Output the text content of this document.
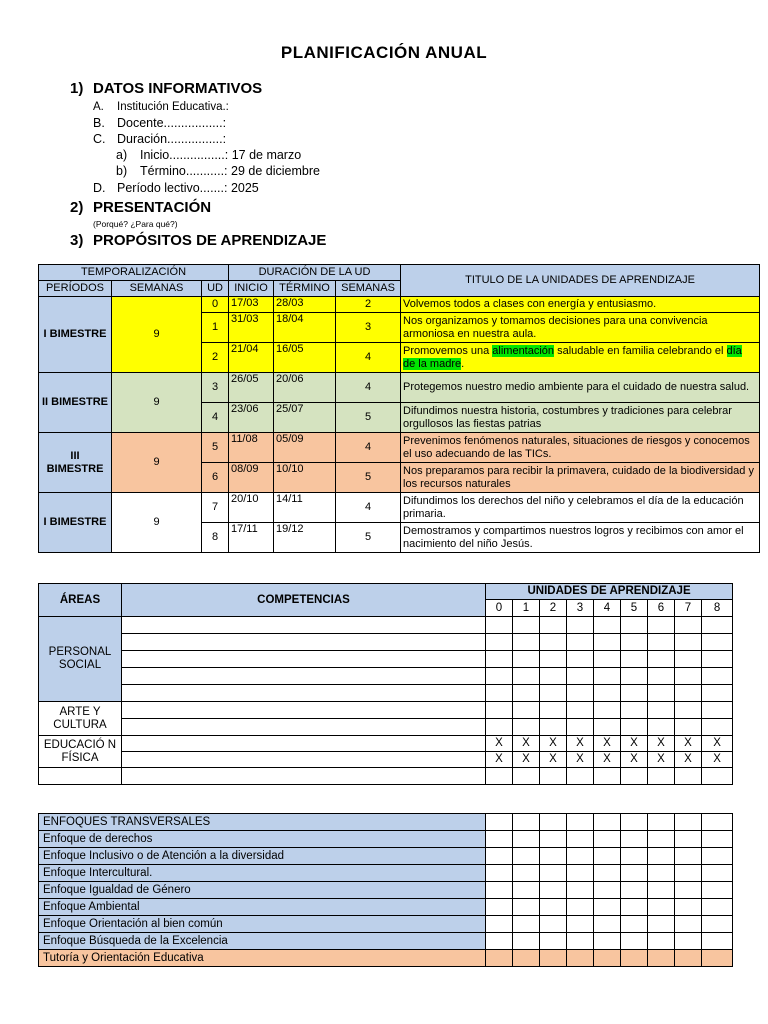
PLANIFICACIÓN ANUAL
1) DATOS INFORMATIVOS
A. Institución Educativa.:
B. Docente.................:
C. Duración................:
a) Inicio................: 17 de marzo
b) Término...........: 29 de diciembre
D. Período lectivo.......: 2025
2) PRESENTACIÓN
(Porqué? ¿Para qué?)
3) PROPÓSITOS DE APRENDIZAJE
TEMPORALIZACIÓN			DURACIÓN DE LA UD			TITULO DE LA UNIDADES DE APRENDIZAJE
PERÍODOS	SEMANAS	UD	INICIO	TÉRMINO	SEMANAS	
I BIMESTRE	9	0	17/03	28/03	2	Volvemos todos a clases con energía y entusiasmo.
		1	31/03	18/04	3	Nos organizamos y tomamos decisiones para una convivencia armoniosa en nuestra aula.
		2	21/04	16/05	4	Promovemos una alimentación saludable en familia celebrando el día de la madre.
II BIMESTRE	9	3	26/05	20/06	4	Protegemos nuestro medio ambiente para el cuidado de nuestra salud.
		4	23/06	25/07	5	Difundimos nuestra historia, costumbres y tradiciones para celebrar orgullosos las fiestas patrias
III BIMESTRE	9	5	11/08	05/09	4	Prevenimos fenómenos naturales, situaciones de riesgos y conocemos el uso adecuando de las TICs.
		6	08/09	10/10	5	Nos preparamos para recibir la primavera, cuidado de la biodiversidad y los recursos naturales
I BIMESTRE	9	7	20/10	14/11	4	Difundimos los derechos del niño y celebramos el día de la educación primaria.
		8	17/11	19/12	5	Demostramos y compartimos nuestros logros y recibimos con amor el nacimiento del niño Jesús.
ÁREAS	COMPETENCIAS	UNIDADES DE APRENDIZAJE								
		0	1	2	3	4	5	6	7	8
PERSONAL SOCIAL										

ARTE Y CULTURA										

EDUCACIÓ N FÍSICA		X	X	X	X	X	X	X	X	X
		X	X	X	X	X	X	X	X	X

ENFOQUES TRANSVERSALES									
Enfoque de derechos									
Enfoque Inclusivo o de Atención a la diversidad									
Enfoque Intercultural.									
Enfoque Igualdad de Género									
Enfoque Ambiental									
Enfoque Orientación al bien común									
Enfoque Búsqueda de la Excelencia									
Tutoría y Orientación Educativa									
